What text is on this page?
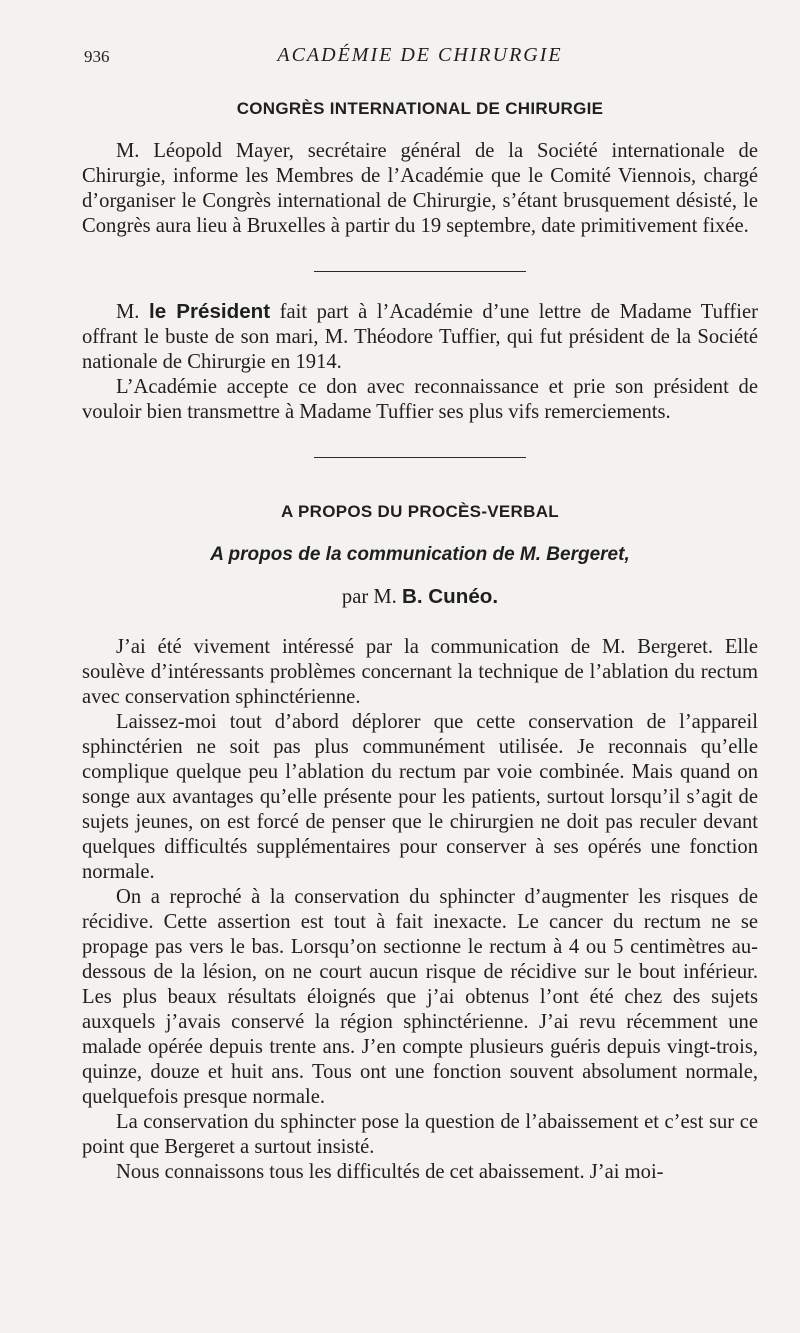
936	ACADÉMIE DE CHIRURGIE
CONGRÈS INTERNATIONAL DE CHIRURGIE

M. Léopold Mayer, secrétaire général de la Société internationale de Chirurgie, informe les Membres de l’Académie que le Comité Viennois, chargé d’organiser le Congrès international de Chirurgie, s’étant brusquement désisté, le Congrès aura lieu à Bruxelles à partir du 19 septembre, date primitivement fixée.

M. le Président fait part à l’Académie d’une lettre de Madame Tuffier offrant le buste de son mari, M. Théodore Tuffier, qui fut président de la Société nationale de Chirurgie en 1914.

L’Académie accepte ce don avec reconnaissance et prie son président de vouloir bien transmettre à Madame Tuffier ses plus vifs remerciements.

A PROPOS DU PROCÈS-VERBAL
A propos de la communication de M. Bergeret,
par M. B. Cunéo.

J’ai été vivement intéressé par la communication de M. Bergeret. Elle soulève d’intéressants problèmes concernant la technique de l’ablation du rectum avec conservation sphinctérienne.

Laissez-moi tout d’abord déplorer que cette conservation de l’appareil sphinctérien ne soit pas plus communément utilisée. Je reconnais qu’elle complique quelque peu l’ablation du rectum par voie combinée. Mais quand on songe aux avantages qu’elle présente pour les patients, surtout lorsqu’il s’agit de sujets jeunes, on est forcé de penser que le chirurgien ne doit pas reculer devant quelques difficultés supplémentaires pour conserver à ses opérés une fonction normale.

On a reproché à la conservation du sphincter d’augmenter les risques de récidive. Cette assertion est tout à fait inexacte. Le cancer du rectum ne se propage pas vers le bas. Lorsqu’on sectionne le rectum à 4 ou 5 centimètres au-dessous de la lésion, on ne court aucun risque de récidive sur le bout inférieur. Les plus beaux résultats éloignés que j’ai obtenus l’ont été chez des sujets auxquels j’avais conservé la région sphinctérienne. J’ai revu récemment une malade opérée depuis trente ans. J’en compte plusieurs guéris depuis vingt-trois, quinze, douze et huit ans. Tous ont une fonction souvent absolument normale, quelquefois presque normale.

La conservation du sphincter pose la question de l’abaissement et c’est sur ce point que Bergeret a surtout insisté.

Nous connaissons tous les difficultés de cet abaissement. J’ai moi-
